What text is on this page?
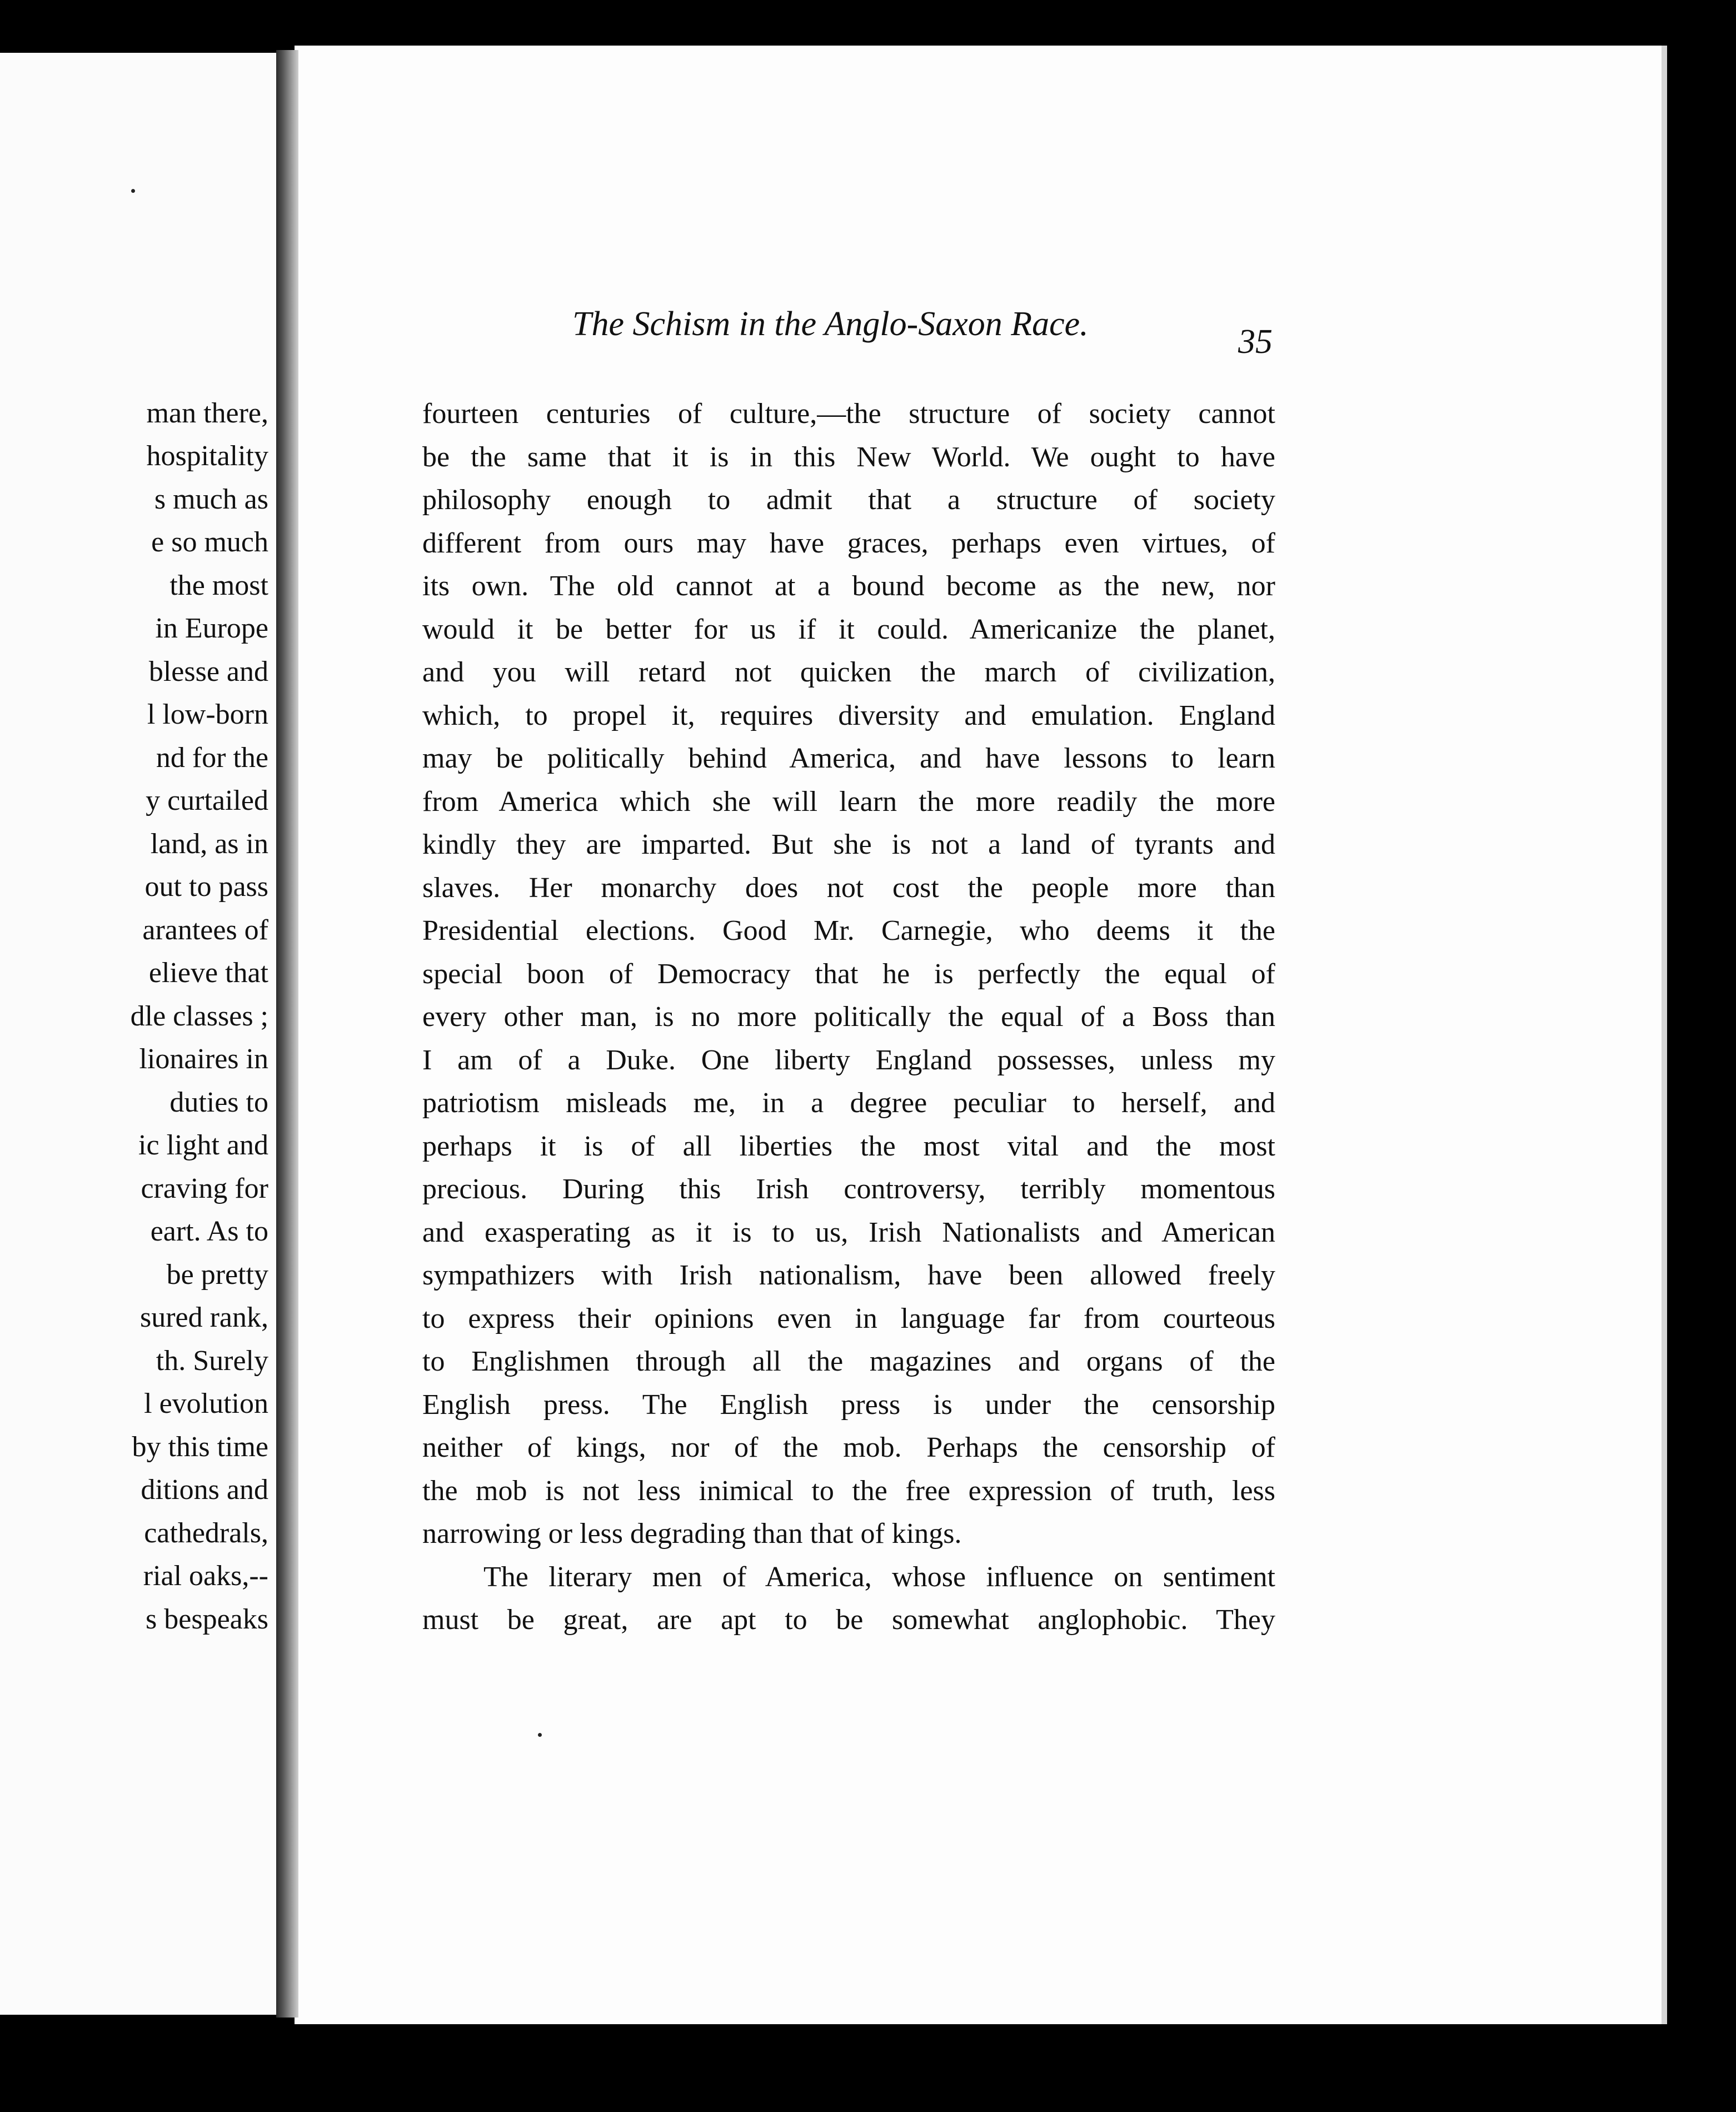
man there,
hospitality
s much as
e so much
the most
in Europe
blesse and
l low-born
nd for the
y curtailed
land, as in
out to pass
arantees of
elieve that
dle classes ;
lionaires in
duties to
ic light and
craving for
eart. As to
be pretty
sured rank,
th. Surely
l evolution
by this time
ditions and
cathedrals,
rial oaks,--
s bespeaks
The Schism in the Anglo-Saxon Race.	35
fourteen centuries of culture,—the structure of society cannot
be the same that it is in this New World. We ought to have
philosophy enough to admit that a structure of society
different from ours may have graces, perhaps even virtues, of
its own. The old cannot at a bound become as the new, nor
would it be better for us if it could. Americanize the planet,
and you will retard not quicken the march of civilization,
which, to propel it, requires diversity and emulation. England
may be politically behind America, and have lessons to learn
from America which she will learn the more readily the more
kindly they are imparted. But she is not a land of tyrants and
slaves. Her monarchy does not cost the people more than
Presidential elections. Good Mr. Carnegie, who deems it the
special boon of Democracy that he is perfectly the equal of
every other man, is no more politically the equal of a Boss than
I am of a Duke. One liberty England possesses, unless my
patriotism misleads me, in a degree peculiar to herself, and
perhaps it is of all liberties the most vital and the most
precious. During this Irish controversy, terribly momentous
and exasperating as it is to us, Irish Nationalists and American
sympathizers with Irish nationalism, have been allowed freely
to express their opinions even in language far from courteous
to Englishmen through all the magazines and organs of the
English press. The English press is under the censorship
neither of kings, nor of the mob. Perhaps the censorship of
the mob is not less inimical to the free expression of truth, less
narrowing or less degrading than that of kings.
The literary men of America, whose influence on sentiment
must be great, are apt to be somewhat anglophobic. They
